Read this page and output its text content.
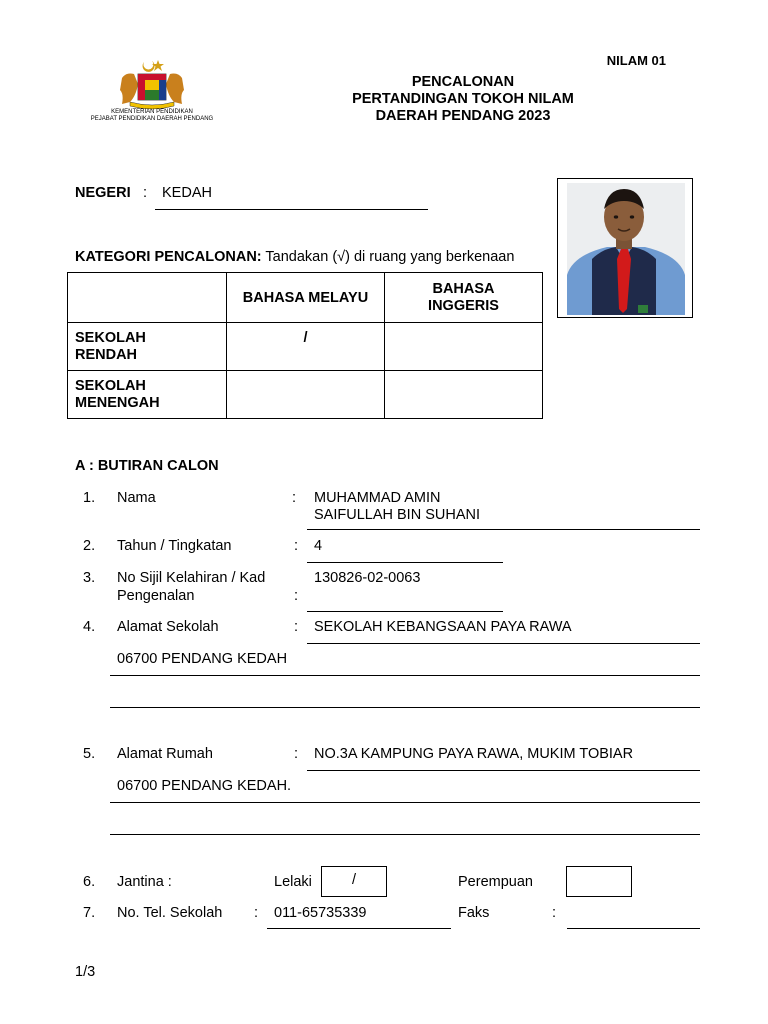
KEMENTERIAN PENDIDIKAN
PEJABAT PENDIDIKAN DAERAH PENDANG
NILAM 01
PENCALONAN
PERTANDINGAN TOKOH NILAM
DAERAH PENDANG 2023
NEGERI : KEDAH
KATEGORI PENCALONAN: Tandakan (√) di ruang yang berkenaan
	BAHASA MELAYU	BAHASA
INGGERIS
SEKOLAH
RENDAH	/	
SEKOLAH
MENENGAH		
A : BUTIRAN CALON
1. Nama	: MUHAMMAD AMIN
SAIFULLAH BIN SUHANI
2. Tahun / Tingkatan	: 4
3. No Sijil Kelahiran / Kad
Pengenalan	:
130826-02-0063
4. Alamat Sekolah	: SEKOLAH KEBANGSAAN PAYA RAWA
06700 PENDANG KEDAH
5. Alamat Rumah	: NO.3A KAMPUNG PAYA RAWA, MUKIM TOBIAR
06700 PENDANG KEDAH.
6. Jantina :	Lelaki	/	Perempuan
7. No. Tel. Sekolah : 011-65735339	Faks	:
1/3
